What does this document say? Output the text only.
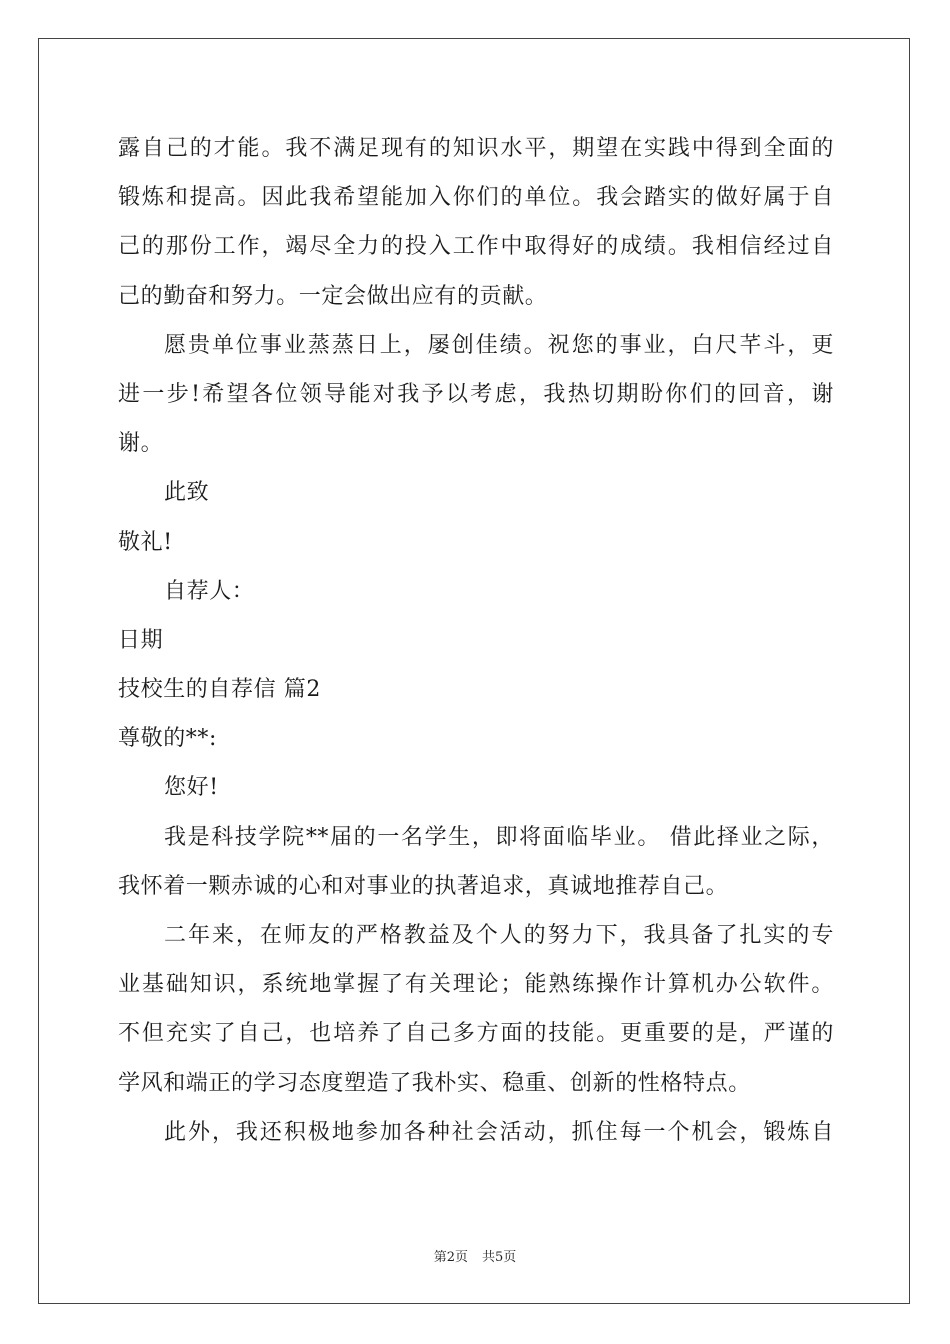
露自己的才能。我不满足现有的知识水平，期望在实践中得到全面的
锻炼和提高。因此我希望能加入你们的单位。我会踏实的做好属于自
己的那份工作，竭尽全力的投入工作中取得好的成绩。我相信经过自
己的勤奋和努力。一定会做出应有的贡献。
愿贵单位事业蒸蒸日上，屡创佳绩。祝您的事业，白尺芊斗，更
进一步!希望各位领导能对我予以考虑，我热切期盼你们的回音，谢
谢。
此致
敬礼!
自荐人：
日期
技校生的自荐信 篇2
尊敬的**:
您好!
我是科技学院**届的一名学生，即将面临毕业。 借此择业之际，
我怀着一颗赤诚的心和对事业的执著追求，真诚地推荐自己。
二年来，在师友的严格教益及个人的努力下，我具备了扎实的专
业基础知识，系统地掌握了有关理论；能熟练操作计算机办公软件。
不但充实了自己，也培养了自己多方面的技能。更重要的是，严谨的
学风和端正的学习态度塑造了我朴实、稳重、创新的性格特点。
此外，我还积极地参加各种社会活动，抓住每一个机会，锻炼自
第2页 共5页
